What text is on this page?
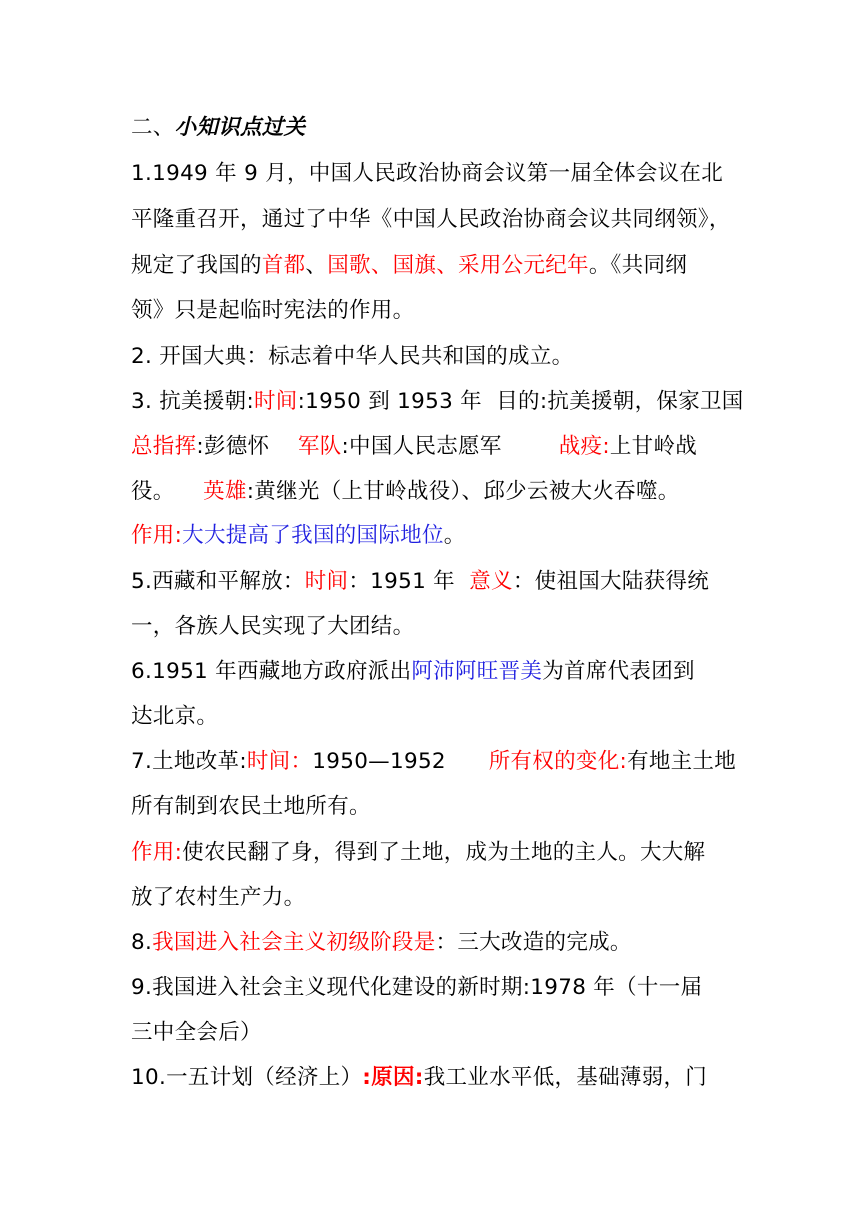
二、小知识点过关
1.1949 年 9 月，中国人民政治协商会议第一届全体会议在北
平隆重召开，通过了中华《中国人民政治协商会议共同纲领》，
规定了我国的首都、国歌、国旗、采用公元纪年。《共同纲
领》只是起临时宪法的作用。
2. 开国大典：标志着中华人民共和国的成立。
3. 抗美援朝:时间:1950 到 1953 年  目的:抗美援朝，保家卫国
总指挥:彭德怀    军队:中国人民志愿军        战疫:上甘岭战
役。    英雄:黄继光（上甘岭战役）、邱少云被大火吞噬。
作用:大大提高了我国的国际地位。
5.西藏和平解放：时间：1951 年  意义：使祖国大陆获得统
一，各族人民实现了大团结。
6.1951 年西藏地方政府派出阿沛阿旺晋美为首席代表团到
达北京。
7.土地改革:时间：1950—1952      所有权的变化:有地主土地
所有制到农民土地所有。
作用:使农民翻了身，得到了土地，成为土地的主人。大大解
放了农村生产力。
8.我国进入社会主义初级阶段是：三大改造的完成。
9.我国进入社会主义现代化建设的新时期:1978 年（十一届
三中全会后）
10.一五计划（经济上）:原因:我工业水平低，基础薄弱，门
